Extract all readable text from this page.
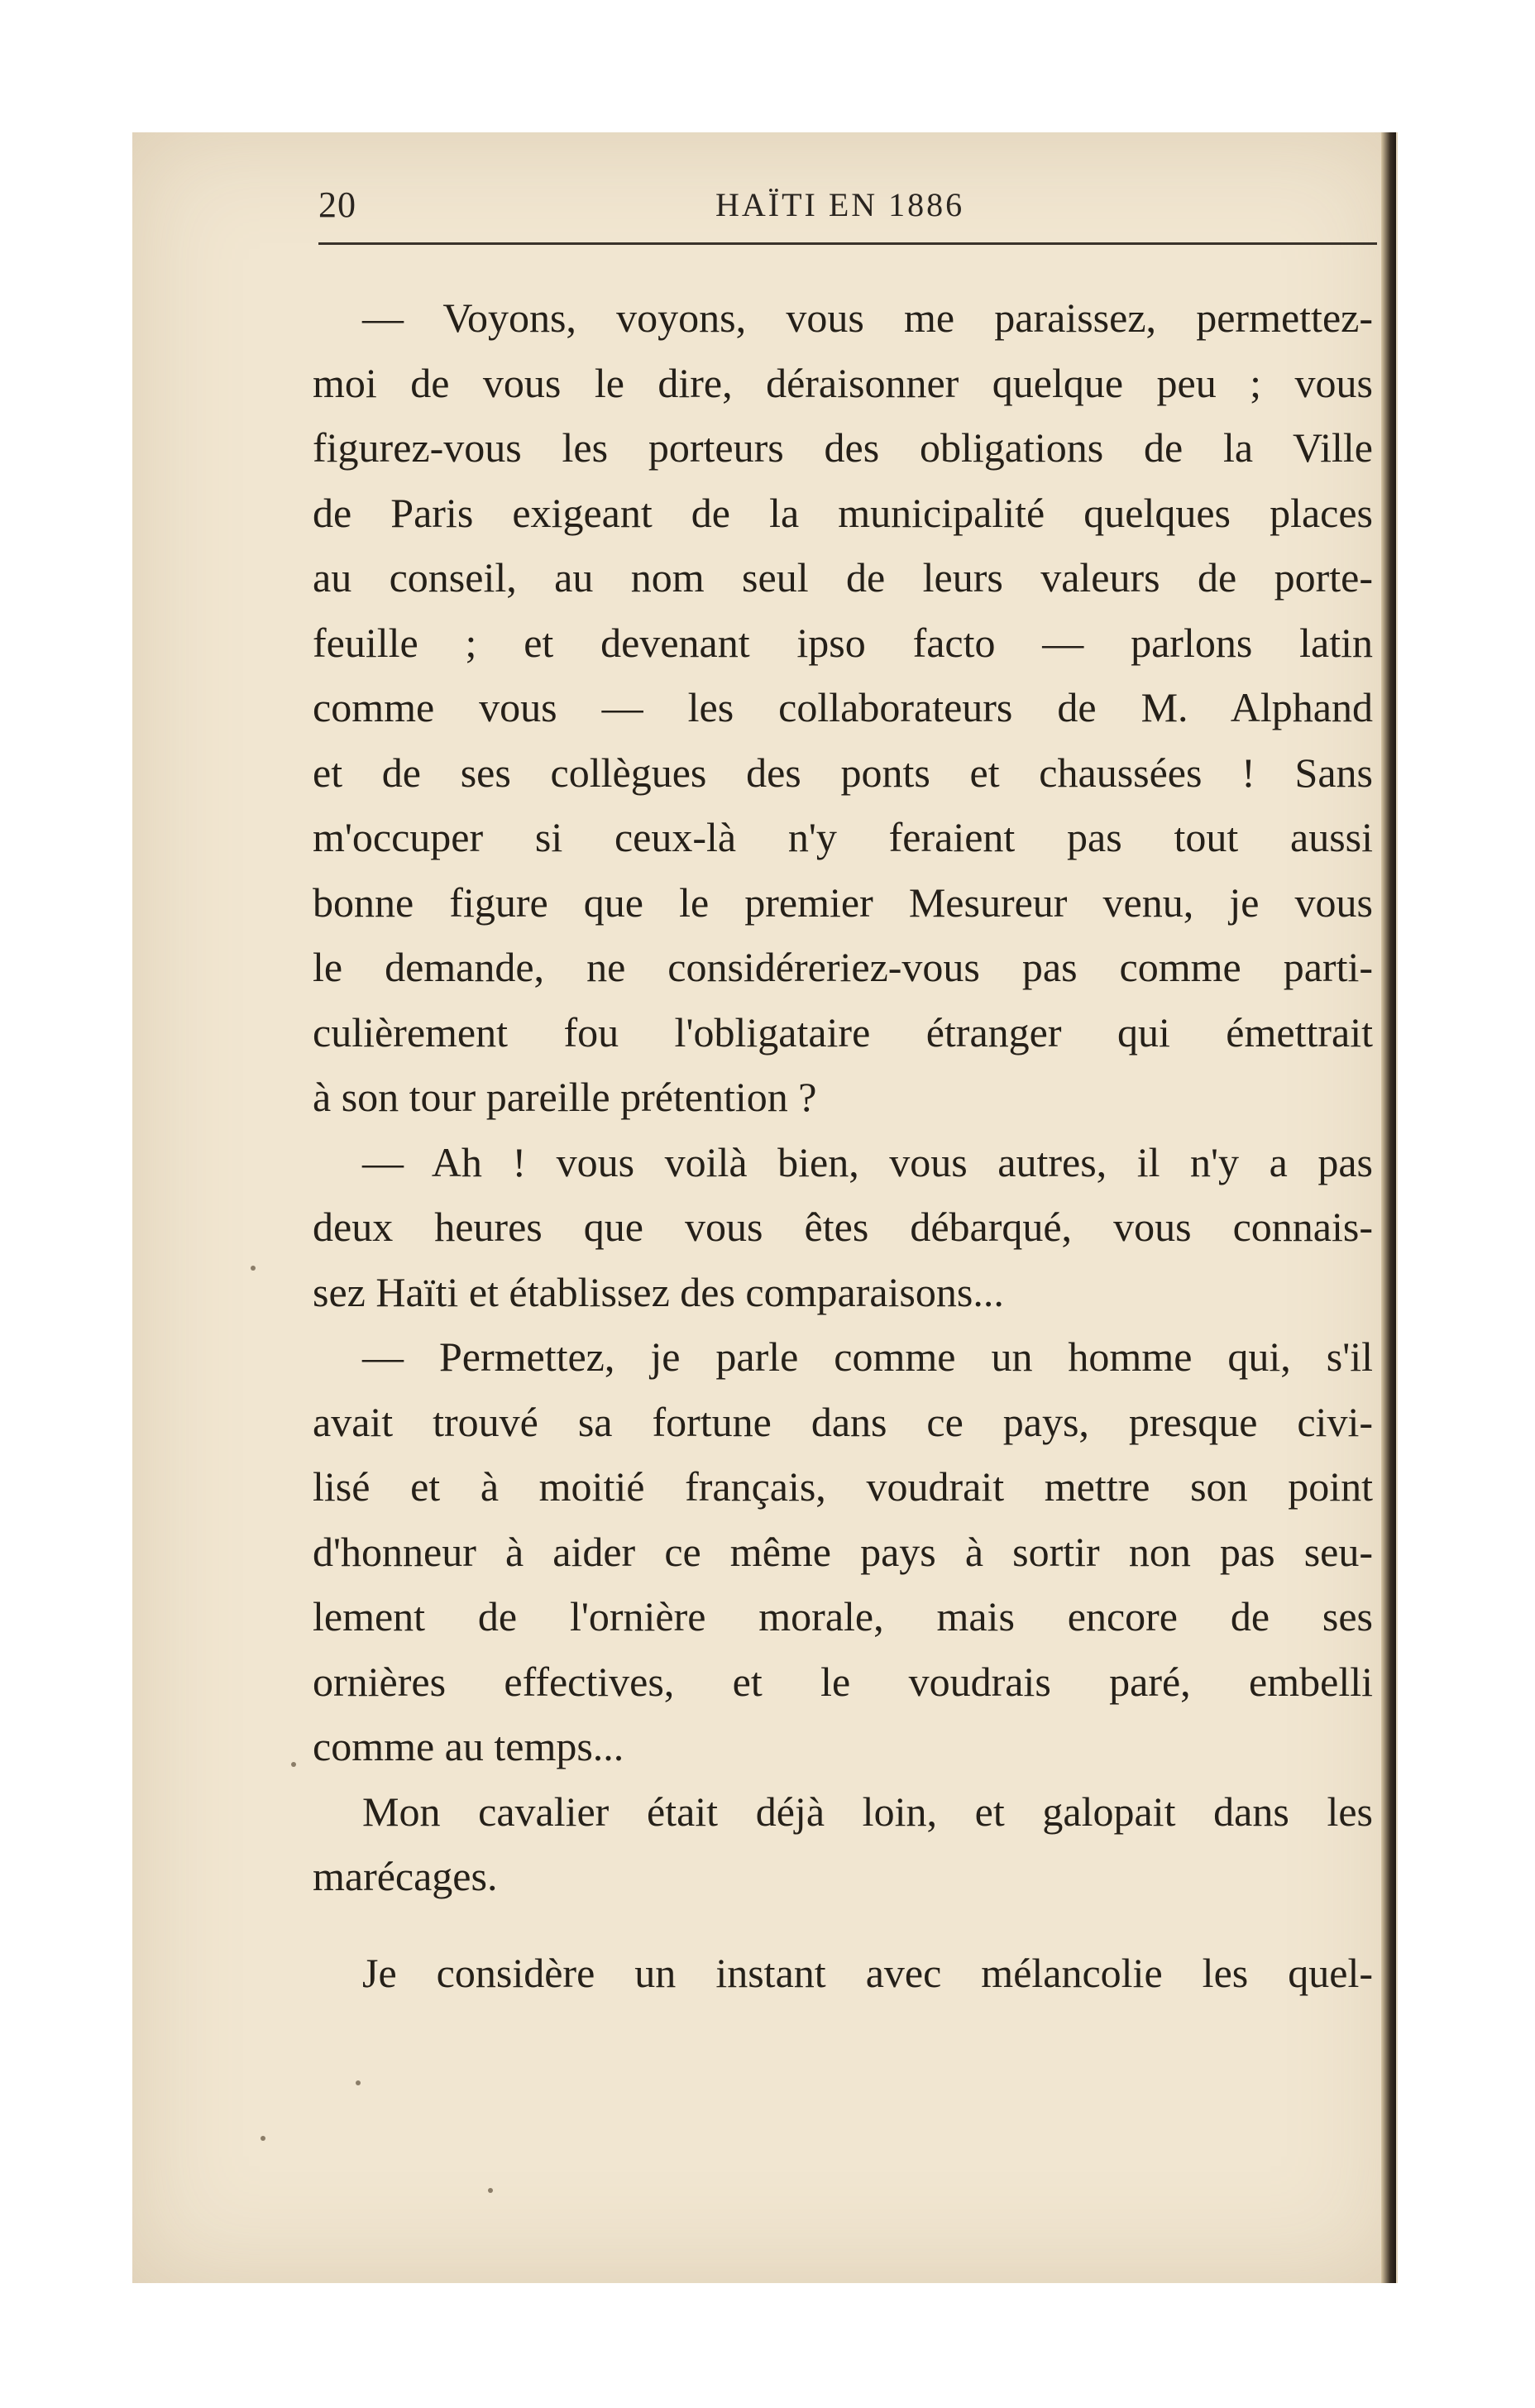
20	HAÏTI EN 1886
— Voyons, voyons, vous me paraissez, permettez-
moi de vous le dire, déraisonner quelque peu ; vous
figurez-vous les porteurs des obligations de la Ville
de Paris exigeant de la municipalité quelques places
au conseil, au nom seul de leurs valeurs de porte-
feuille ; et devenant ipso facto — parlons latin
comme vous — les collaborateurs de M. Alphand
et de ses collègues des ponts et chaussées ! Sans
m'occuper si ceux-là n'y feraient pas tout aussi
bonne figure que le premier Mesureur venu, je vous
le demande, ne considéreriez-vous pas comme parti-
culièrement fou l'obligataire étranger qui émettrait
à son tour pareille prétention ?
— Ah ! vous voilà bien, vous autres, il n'y a pas
deux heures que vous êtes débarqué, vous connais-
sez Haïti et établissez des comparaisons...
— Permettez, je parle comme un homme qui, s'il
avait trouvé sa fortune dans ce pays, presque civi-
lisé et à moitié français, voudrait mettre son point
d'honneur à aider ce même pays à sortir non pas seu-
lement de l'ornière morale, mais encore de ses
ornières effectives, et le voudrais paré, embelli
comme au temps...
Mon cavalier était déjà loin, et galopait dans les
marécages.
Je considère un instant avec mélancolie les quel-
